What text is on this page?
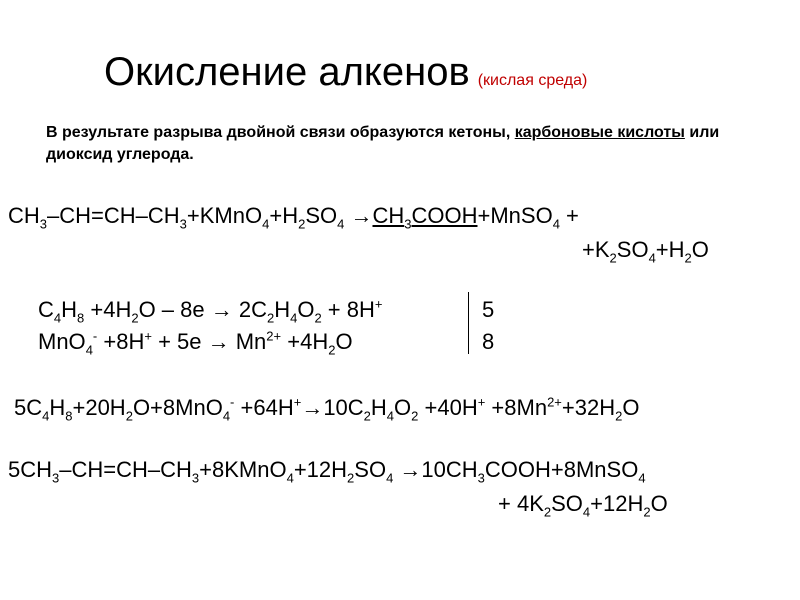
Окисление алкенов (кислая среда)
В результате разрыва двойной связи образуются кетоны, карбоновые кислоты или диоксид углерода.
$CH_3-CH=CH-CH_3+KMnO_4+H_2SO_4$ $\to CH_3COOH+MnSO_4$ +
$+K_2SO_4+H_2O$
$C_4H_8 +4H_2O - 8e \to 2C_2H_4O_2 + 8H^+$	5
$MnO_4^- +8H^+ + 5e \to Mn^{2+} +4H_2O$	8
$5C_4H_8+20H_2O+8MnO_4^- +64H^+\to 10C_2H_4O_2 +40H^+ +8Mn^{2+}+32H_2O$
$5CH_3-CH=CH-CH_3+8KMnO_4+12H_2SO_4$ $\to 10CH_3COOH+8MnSO_4$
+ $4K_2SO_4+12H_2O$
